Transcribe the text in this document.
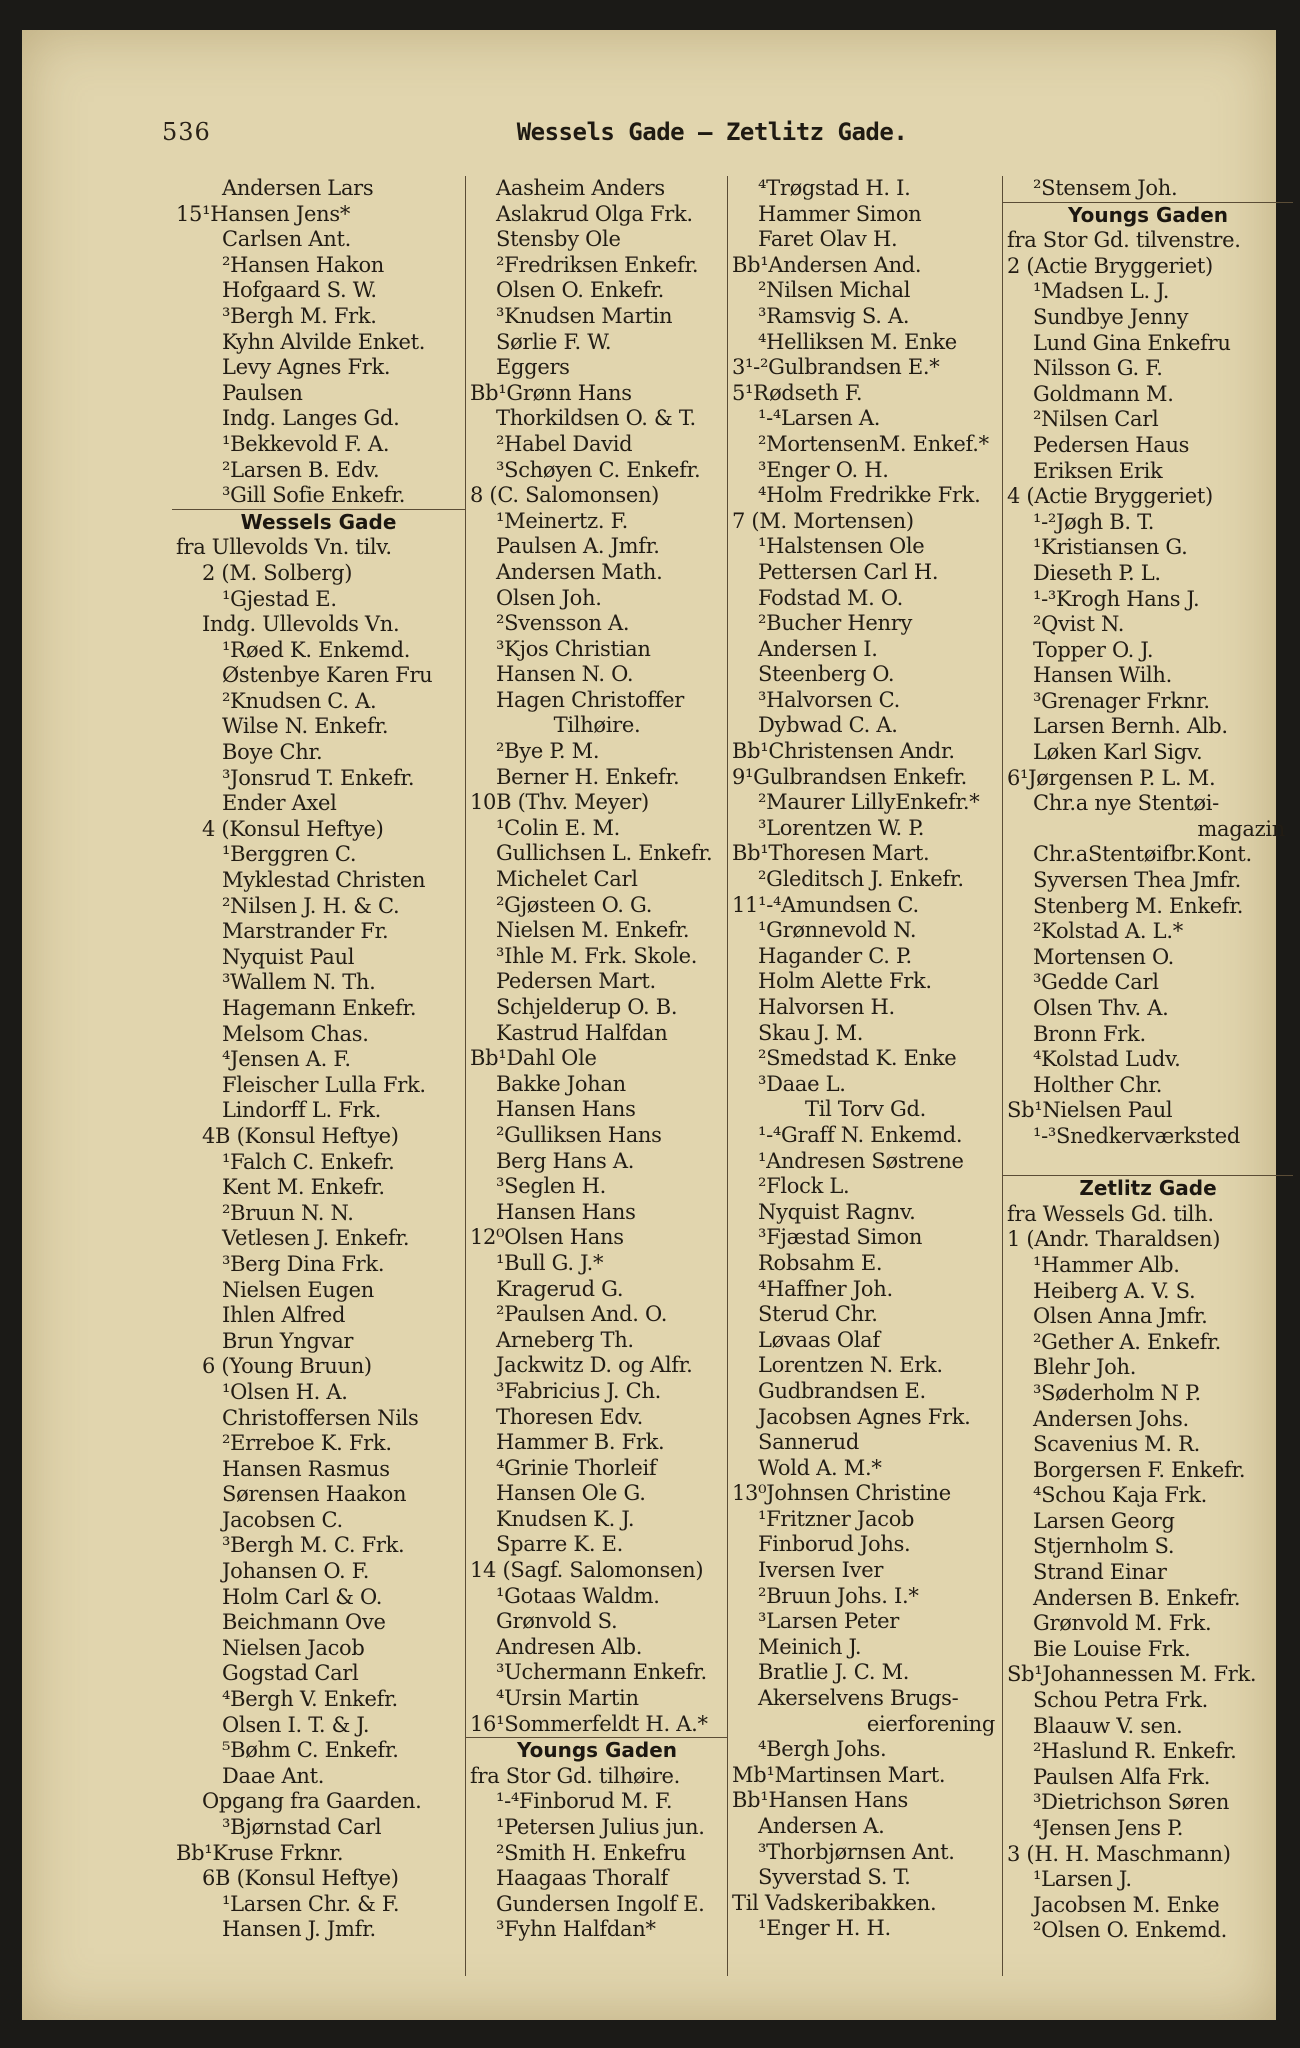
536	Wessels Gade — Zetlitz Gade.
Andersen Lars
15¹Hansen Jens*
Carlsen Ant.
²Hansen Hakon
Hofgaard S. W.
³Bergh M. Frk.
Kyhn Alvilde Enket.
Levy Agnes Frk.
Paulsen
Indg. Langes Gd.
¹Bekkevold F. A.
²Larsen B. Edv.
³Gill Sofie Enkefr.
Wessels Gade
fra Ullevolds Vn. tilv.
2 (M. Solberg)
¹Gjestad E.
Indg. Ullevolds Vn.
¹Røed K. Enkemd.
Østenbye Karen Fru
²Knudsen C. A.
Wilse N. Enkefr.
Boye Chr.
³Jonsrud T. Enkefr.
Ender Axel
4 (Konsul Heftye)
¹Berggren C.
Myklestad Christen
²Nilsen J. H. & C.
Marstrander Fr.
Nyquist Paul
³Wallem N. Th.
Hagemann Enkefr.
Melsom Chas.
⁴Jensen A. F.
Fleischer Lulla Frk.
Lindorff L. Frk.
4B (Konsul Heftye)
¹Falch C. Enkefr.
Kent M. Enkefr.
²Bruun N. N.
Vetlesen J. Enkefr.
³Berg Dina Frk.
Nielsen Eugen
Ihlen Alfred
Brun Yngvar
6 (Young Bruun)
¹Olsen H. A.
Christoffersen Nils
²Erreboe K. Frk.
Hansen Rasmus
Sørensen Haakon
Jacobsen C.
³Bergh M. C. Frk.
Johansen O. F.
Holm Carl & O.
Beichmann Ove
Nielsen Jacob
Gogstad Carl
⁴Bergh V. Enkefr.
Olsen I. T. & J.
⁵Bøhm C. Enkefr.
Daae Ant.
Opgang fra Gaarden.
³Bjørnstad Carl
Bb¹Kruse Frknr.
6B (Konsul Heftye)
¹Larsen Chr. & F.
Hansen J. Jmfr.
Aasheim Anders
Aslakrud Olga Frk.
Stensby Ole
²Fredriksen Enkefr.
Olsen O. Enkefr.
³Knudsen Martin
Sørlie F. W.
Eggers
Bb¹Grønn Hans
Thorkildsen O. & T.
²Habel David
³Schøyen C. Enkefr.
8 (C. Salomonsen)
¹Meinertz. F.
Paulsen A. Jmfr.
Andersen Math.
Olsen Joh.
²Svensson A.
³Kjos Christian
Hansen N. O.
Hagen Christoffer
Tilhøire.
²Bye P. M.
Berner H. Enkefr.
10B (Thv. Meyer)
¹Colin E. M.
Gullichsen L. Enkefr.
Michelet Carl
²Gjøsteen O. G.
Nielsen M. Enkefr.
³Ihle M. Frk. Skole.
Pedersen Mart.
Schjelderup O. B.
Kastrud Halfdan
Bb¹Dahl Ole
Bakke Johan
Hansen Hans
²Gulliksen Hans
Berg Hans A.
³Seglen H.
Hansen Hans
12⁰Olsen Hans
¹Bull G. J.*
Kragerud G.
²Paulsen And. O.
Arneberg Th.
Jackwitz D. og Alfr.
³Fabricius J. Ch.
Thoresen Edv.
Hammer B. Frk.
⁴Grinie Thorleif
Hansen Ole G.
Knudsen K. J.
Sparre K. E.
14 (Sagf. Salomonsen)
¹Gotaas Waldm.
Grønvold S.
Andresen Alb.
³Uchermann Enkefr.
⁴Ursin Martin
16¹Sommerfeldt H. A.*
Youngs Gaden
fra Stor Gd. tilhøire.
¹-⁴Finborud M. F.
¹Petersen Julius jun.
²Smith H. Enkefru
Haagaas Thoralf
Gundersen Ingolf E.
³Fyhn Halfdan*
⁴Trøgstad H. I.
Hammer Simon
Faret Olav H.
Bb¹Andersen And.
²Nilsen Michal
³Ramsvig S. A.
⁴Helliksen M. Enke
3¹-²Gulbrandsen E.*
5¹Rødseth F.
¹-⁴Larsen A.
²MortensenM. Enkef.*
³Enger O. H.
⁴Holm Fredrikke Frk.
7 (M. Mortensen)
¹Halstensen Ole
Pettersen Carl H.
Fodstad M. O.
²Bucher Henry
Andersen I.
Steenberg O.
³Halvorsen C.
Dybwad C. A.
Bb¹Christensen Andr.
9¹Gulbrandsen Enkefr.
²Maurer LillyEnkefr.*
³Lorentzen W. P.
Bb¹Thoresen Mart.
²Gleditsch J. Enkefr.
11¹-⁴Amundsen C.
¹Grønnevold N.
Hagander C. P.
Holm Alette Frk.
Halvorsen H.
Skau J. M.
²Smedstad K. Enke
³Daae L.
Til Torv Gd.
¹-⁴Graff N. Enkemd.
¹Andresen Søstrene
²Flock L.
Nyquist Ragnv.
³Fjæstad Simon
Robsahm E.
⁴Haffner Joh.
Sterud Chr.
Løvaas Olaf
Lorentzen N. Erk.
Gudbrandsen E.
Jacobsen Agnes Frk.
Sannerud
Wold A. M.*
13⁰Johnsen Christine
¹Fritzner Jacob
Finborud Johs.
Iversen Iver
²Bruun Johs. I.*
³Larsen Peter
Meinich J.
Bratlie J. C. M.
Akerselvens Brugs-
eierforening
⁴Bergh Johs.
Mb¹Martinsen Mart.
Bb¹Hansen Hans
Andersen A.
³Thorbjørnsen Ant.
Syverstad S. T.
Til Vadskeribakken.
¹Enger H. H.
²Stensem Joh.
Youngs Gaden
fra Stor Gd. tilvenstre.
2 (Actie Bryggeriet)
¹Madsen L. J.
Sundbye Jenny
Lund Gina Enkefru
Nilsson G. F.
Goldmann M.
²Nilsen Carl
Pedersen Haus
Eriksen Erik
4 (Actie Bryggeriet)
¹-²Jøgh B. T.
¹Kristiansen G.
Dieseth P. L.
¹-³Krogh Hans J.
²Qvist N.
Topper O. J.
Hansen Wilh.
³Grenager Frknr.
Larsen Bernh. Alb.
Løken Karl Sigv.
6¹Jørgensen P. L. M.
Chr.a nye Stentøi-
magazin
Chr.aStentøifbr.Kont.
Syversen Thea Jmfr.
Stenberg M. Enkefr.
²Kolstad A. L.*
Mortensen O.
³Gedde Carl
Olsen Thv. A.
Bronn Frk.
⁴Kolstad Ludv.
Holther Chr.
Sb¹Nielsen Paul
¹-³Snedkerværksted
Zetlitz Gade
fra Wessels Gd. tilh.
1 (Andr. Tharaldsen)
¹Hammer Alb.
Heiberg A. V. S.
Olsen Anna Jmfr.
²Gether A. Enkefr.
Blehr Joh.
³Søderholm N P.
Andersen Johs.
Scavenius M. R.
Borgersen F. Enkefr.
⁴Schou Kaja Frk.
Larsen Georg
Stjernholm S.
Strand Einar
Andersen B. Enkefr.
Grønvold M. Frk.
Bie Louise Frk.
Sb¹Johannessen M. Frk.
Schou Petra Frk.
Blaauw V. sen.
²Haslund R. Enkefr.
Paulsen Alfa Frk.
³Dietrichson Søren
⁴Jensen Jens P.
3 (H. H. Maschmann)
¹Larsen J.
Jacobsen M. Enke
²Olsen O. Enkemd.
